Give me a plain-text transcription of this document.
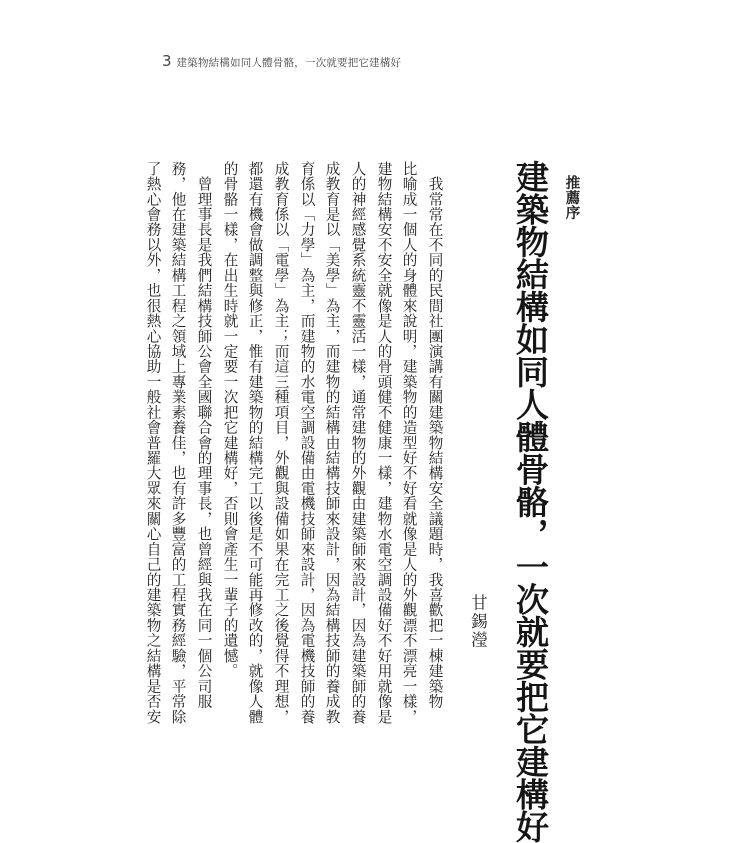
3 建築物結構如同人體骨骼，一次就要把它建構好
推薦序
建築物結構如同人體骨骼，一次就要把它建構好
甘錫瀅
　我常常在不同的民間社團演講有關建築物結構安全議題時，我喜歡把一棟建築物
比喻成一個人的身體來說明，建築物的造型好不好看就像是人的外觀漂不漂亮一樣，
建物結構安不安全就像是人的骨頭健不健康一樣，建物水電空調設備好不好用就像是
人的神經感覺系統靈不靈活一樣，通常建物的外觀由建築師來設計，因為建築師的養
成教育是以「美學」為主，而建物的結構由結構技師來設計，因為結構技師的養成教
育係以「力學」為主，而建物的水電空調設備由電機技師來設計，因為電機技師的養
成教育係以「電學」為主；而這三種項目，外觀與設備如果在完工之後覺得不理想，
都還有機會做調整與修正，惟有建築物的結構完工以後是不可能再修改的，就像人體
的骨骼一樣，在出生時就一定要一次把它建構好，否則會產生一輩子的遺憾。
　曾理事長是我們結構技師公會全國聯合會的理事長，也曾經與我在同一個公司服
務，他在建築結構工程之領域上專業素養佳，也有許多豐富的工程實務經驗，平常除
了熱心會務以外，也很熱心協助一般社會普羅大眾來關心自己的建築物之結構是否安
